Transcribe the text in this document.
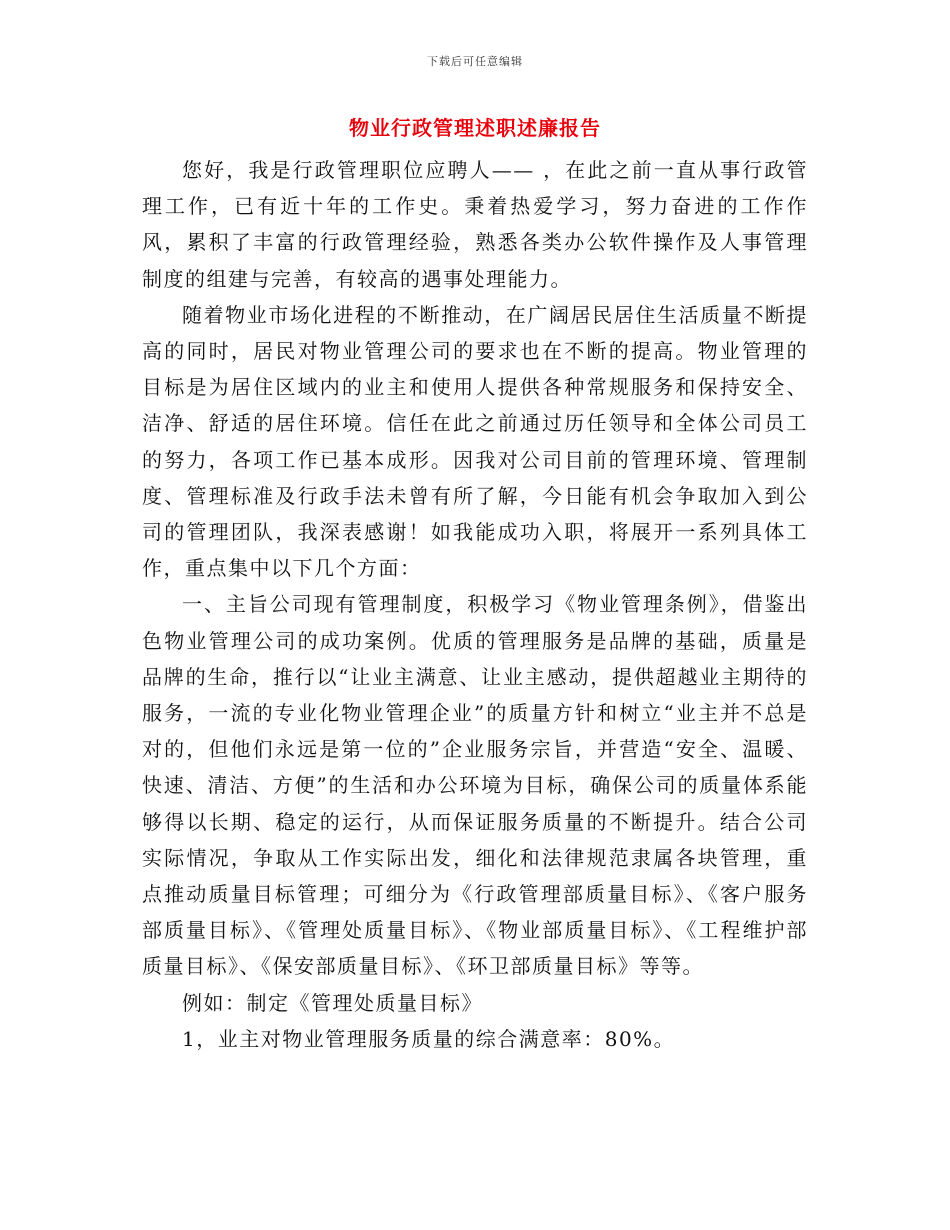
下载后可任意编辑
物业行政管理述职述廉报告

您好，我是行政管理职位应聘人—— ，在此之前一直从事行政管理工作，已有近十年的工作史。秉着热爱学习，努力奋进的工作作风，累积了丰富的行政管理经验，熟悉各类办公软件操作及人事管理制度的组建与完善，有较高的遇事处理能力。

随着物业市场化进程的不断推动，在广阔居民居住生活质量不断提高的同时，居民对物业管理公司的要求也在不断的提高。物业管理的目标是为居住区域内的业主和使用人提供各种常规服务和保持安全、洁净、舒适的居住环境。信任在此之前通过历任领导和全体公司员工的努力，各项工作已基本成形。因我对公司目前的管理环境、管理制度、管理标准及行政手法未曾有所了解，今日能有机会争取加入到公司的管理团队，我深表感谢！如我能成功入职，将展开一系列具体工作，重点集中以下几个方面：

一、主旨公司现有管理制度，积极学习《物业管理条例》，借鉴出色物业管理公司的成功案例。优质的管理服务是品牌的基础，质量是品牌的生命，推行以“让业主满意、让业主感动，提供超越业主期待的服务，一流的专业化物业管理企业”的质量方针和树立“业主并不总是对的，但他们永远是第一位的”企业服务宗旨，并营造“安全、温暖、快速、清洁、方便”的生活和办公环境为目标，确保公司的质量体系能够得以长期、稳定的运行，从而保证服务质量的不断提升。结合公司实际情况，争取从工作实际出发，细化和法律规范隶属各块管理，重点推动质量目标管理；可细分为《行政管理部质量目标》、《客户服务部质量目标》、《管理处质量目标》、《物业部质量目标》、《工程维护部质量目标》、《保安部质量目标》、《环卫部质量目标》等等。

例如：制定《管理处质量目标》

1，业主对物业管理服务质量的综合满意率：80%。
